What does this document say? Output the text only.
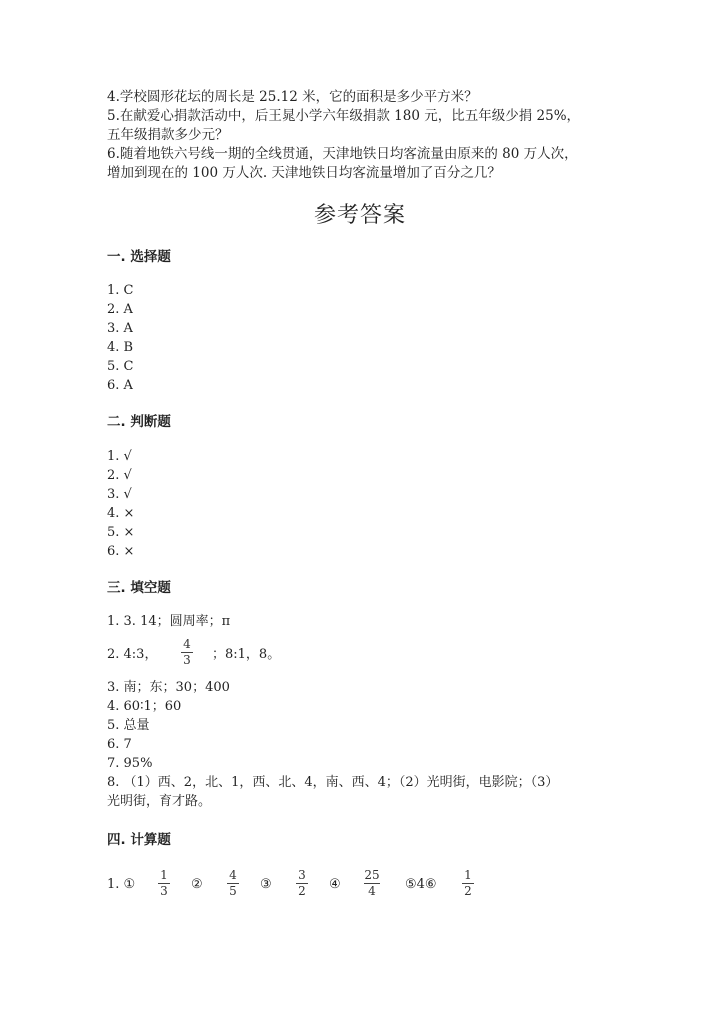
4.学校圆形花坛的周长是 25.12 米，它的面积是多少平方米？
5.在献爱心捐款活动中，后王晁小学六年级捐款 180 元，比五年级少捐 25%，
五年级捐款多少元？
6.随着地铁六号线一期的全线贯通，天津地铁日均客流量由原来的 80 万人次，
增加到现在的 100 万人次. 天津地铁日均客流量增加了百分之几？
参考答案
一. 选择题
1. C
2. A
3. A
4. B
5. C
6. A
二. 判断题
1. √
2. √
3. √
4. ×
5. ×
6. ×
三. 填空题
1. 3. 14；圆周率；π
2. 4:3，
4
3 ；8:1，8。
3. 南；东；30；400
4. 60∶1；60
5. 总量
6. 7
7. 95%
8. （1）西、2，北、1，西、北、4，南、西、4；（2）光明街，电影院；（3）
光明街，育才路。
四. 计算题
1. ①
1
3 ②
4
5 ③
3
2 ④
25
4 ⑤4⑥
1
2
